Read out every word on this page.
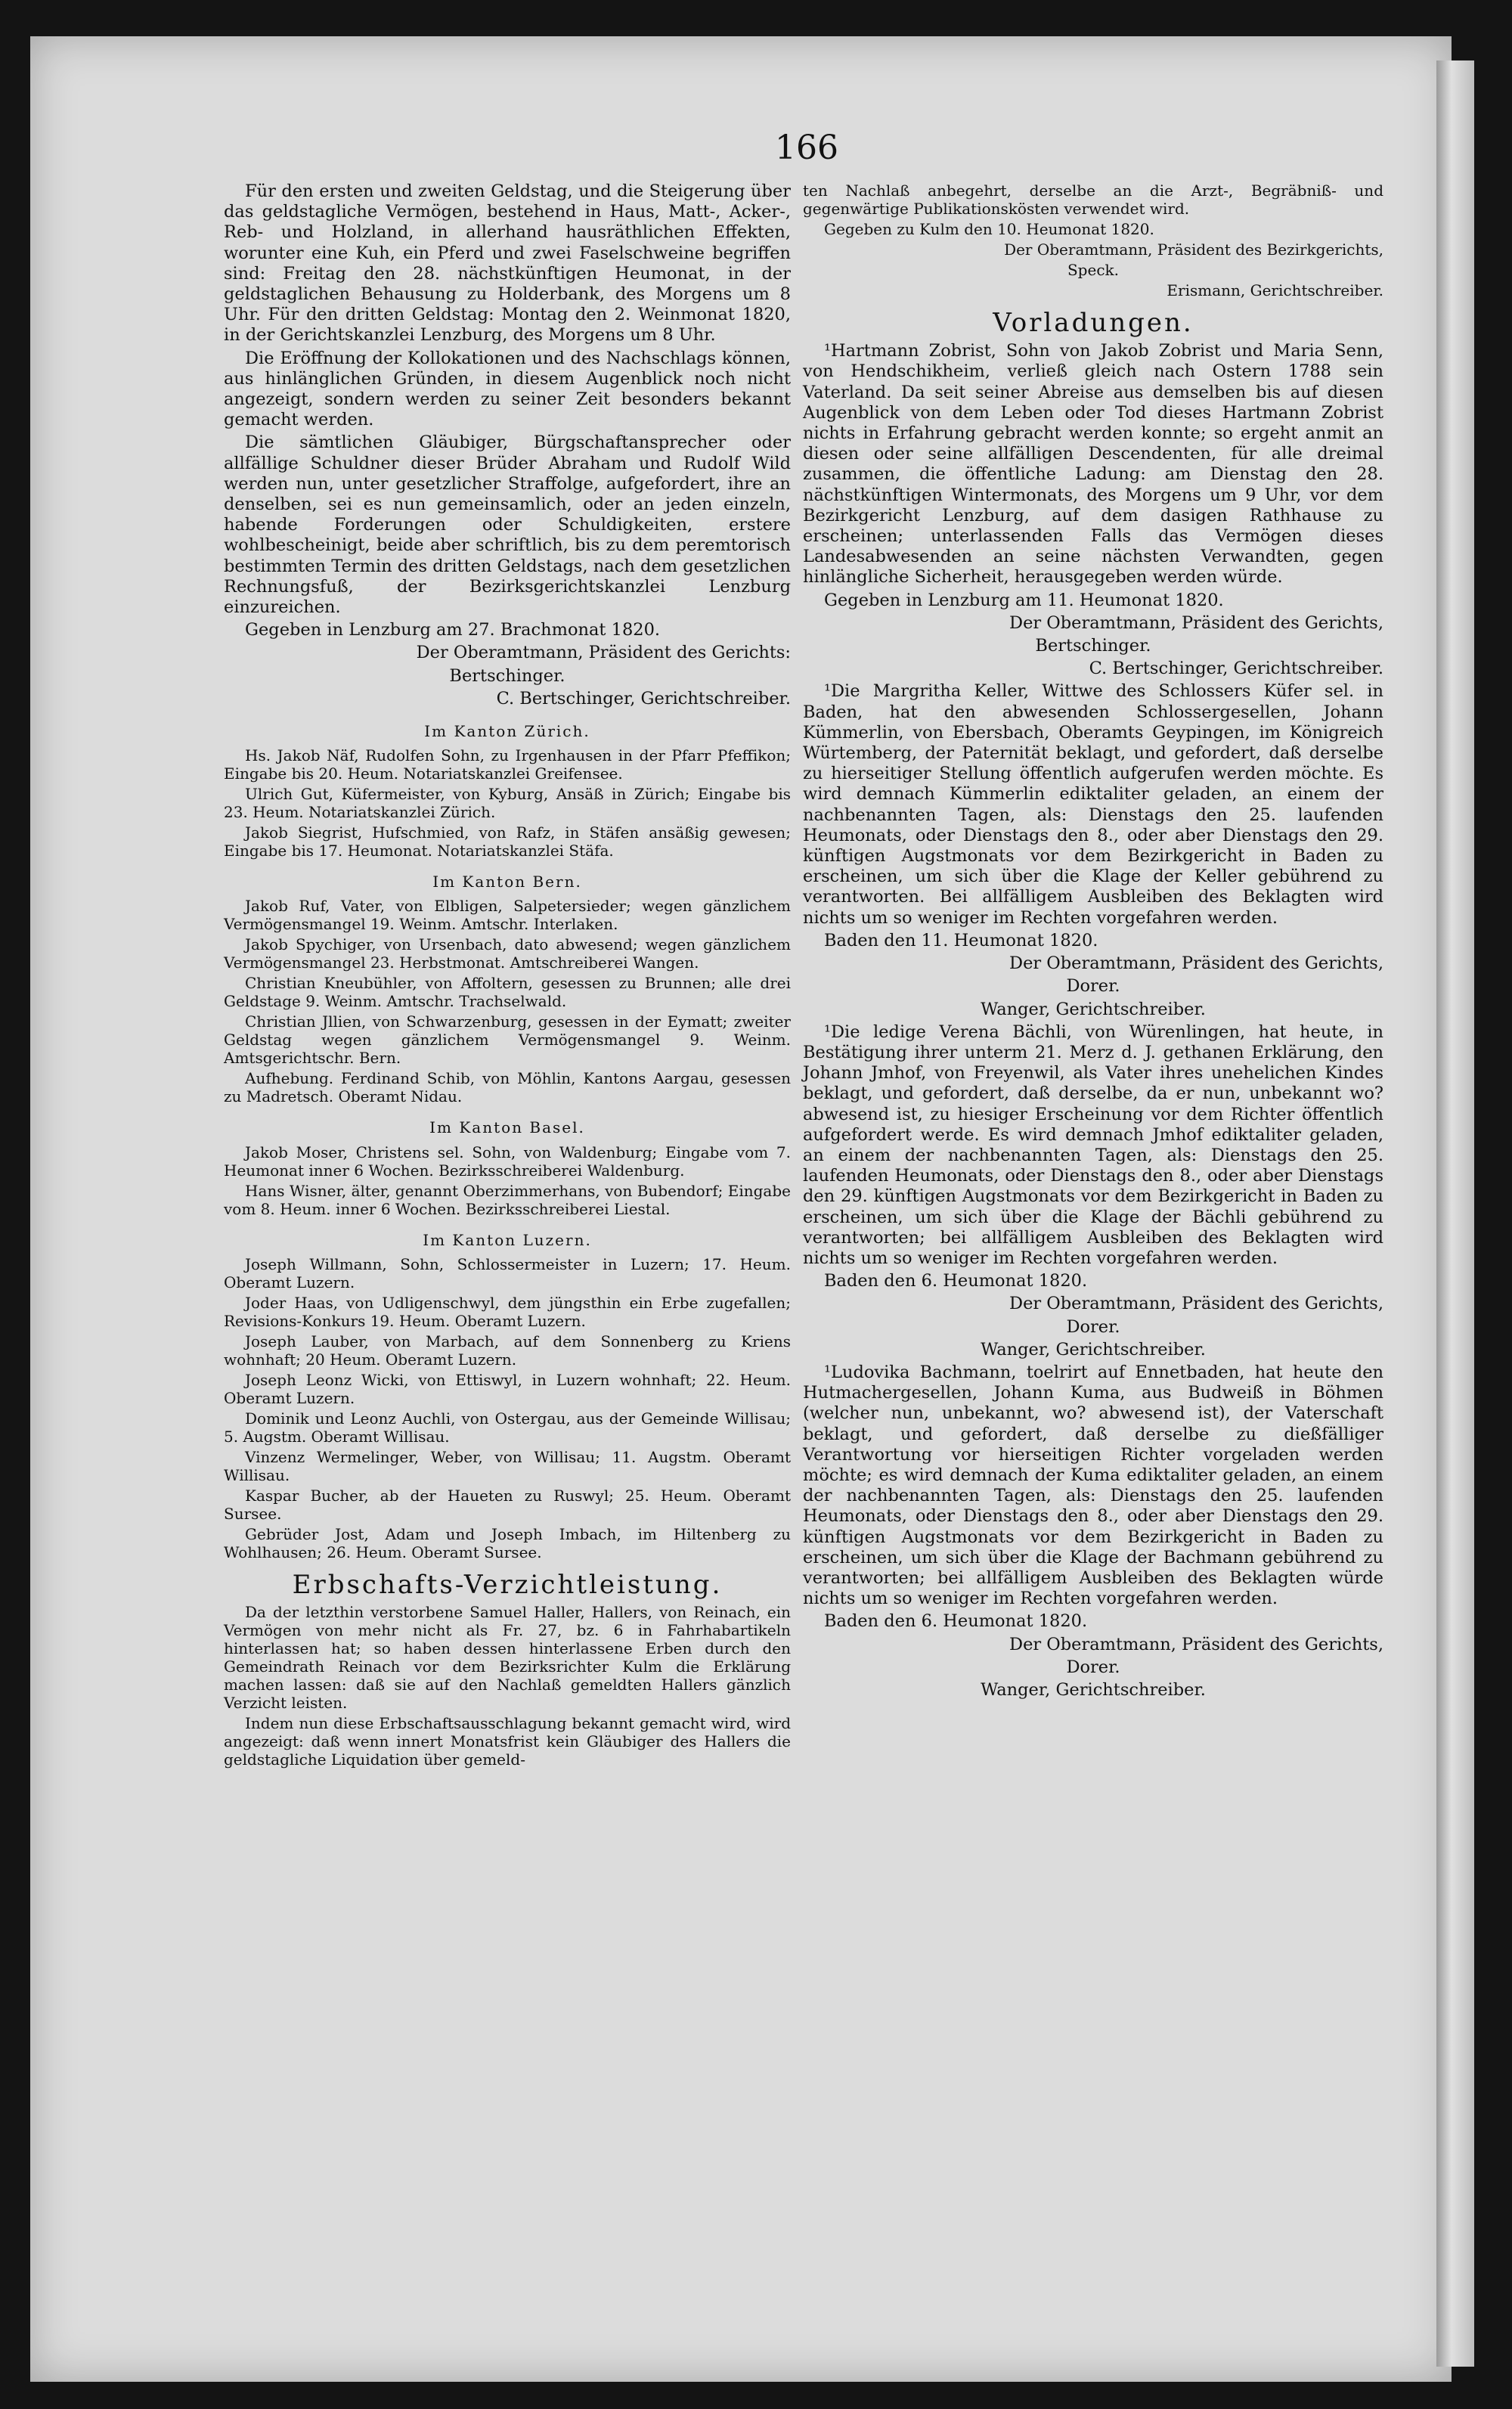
166

Für den ersten und zweiten Geldstag, und die Steigerung über das geldstagliche Vermögen, bestehend in Haus, Matt-, Acker-, Reb- und Holzland, in allerhand hausräthlichen Effekten, worunter eine Kuh, ein Pferd und zwei Faselschweine begriffen sind: Freitag den 28. nächstkünftigen Heumonat, in der geldstaglichen Behausung zu Holderbank, des Morgens um 8 Uhr. Für den dritten Geldstag: Montag den 2. Weinmonat 1820, in der Gerichtskanzlei Lenzburg, des Morgens um 8 Uhr.

Die Eröffnung der Kollokationen und des Nachschlags können, aus hinlänglichen Gründen, in diesem Augenblick noch nicht angezeigt, sondern werden zu seiner Zeit besonders bekannt gemacht werden.

Die sämtlichen Gläubiger, Bürgschaftansprecher oder allfällige Schuldner dieser Brüder Abraham und Rudolf Wild werden nun, unter gesetzlicher Straffolge, aufgefordert, ihre an denselben, sei es nun gemeinsamlich, oder an jeden einzeln, habende Forderungen oder Schuldigkeiten, erstere wohlbescheinigt, beide aber schriftlich, bis zu dem peremtorisch bestimmten Termin des dritten Geldstags, nach dem gesetzlichen Rechnungsfuß, der Bezirksgerichtskanzlei Lenzburg einzureichen.

Gegeben in Lenzburg am 27. Brachmonat 1820.

Der Oberamtmann, Präsident des Gerichts:

Bertschinger.

C. Bertschinger, Gerichtschreiber.

Im Kanton Zürich.

Hs. Jakob Näf, Rudolfen Sohn, zu Irgenhausen in der Pfarr Pfeffikon; Eingabe bis 20. Heum. Notariatskanzlei Greifensee.

Ulrich Gut, Küfermeister, von Kyburg, Ansäß in Zürich; Eingabe bis 23. Heum. Notariatskanzlei Zürich.

Jakob Siegrist, Hufschmied, von Rafz, in Stäfen ansäßig gewesen; Eingabe bis 17. Heumonat. Notariatskanzlei Stäfa.

Im Kanton Bern.

Jakob Ruf, Vater, von Elbligen, Salpetersieder; wegen gänzlichem Vermögensmangel 19. Weinm. Amtschr. Interlaken.

Jakob Spychiger, von Ursenbach, dato abwesend; wegen gänzlichem Vermögensmangel 23. Herbstmonat. Amtschreiberei Wangen.

Christian Kneubühler, von Affoltern, gesessen zu Brunnen; alle drei Geldstage 9. Weinm. Amtschr. Trachselwald.

Christian Jllien, von Schwarzenburg, gesessen in der Eymatt; zweiter Geldstag wegen gänzlichem Vermögensmangel 9. Weinm. Amtsgerichtschr. Bern.

Aufhebung. Ferdinand Schib, von Möhlin, Kantons Aargau, gesessen zu Madretsch. Oberamt Nidau.

Im Kanton Basel.

Jakob Moser, Christens sel. Sohn, von Waldenburg; Eingabe vom 7. Heumonat inner 6 Wochen. Bezirksschreiberei Waldenburg.

Hans Wisner, älter, genannt Oberzimmerhans, von Bubendorf; Eingabe vom 8. Heum. inner 6 Wochen. Bezirksschreiberei Liestal.

Im Kanton Luzern.

Joseph Willmann, Sohn, Schlossermeister in Luzern; 17. Heum. Oberamt Luzern.

Joder Haas, von Udligenschwyl, dem jüngsthin ein Erbe zugefallen; Revisions-Konkurs 19. Heum. Oberamt Luzern.

Joseph Lauber, von Marbach, auf dem Sonnenberg zu Kriens wohnhaft; 20 Heum. Oberamt Luzern.

Joseph Leonz Wicki, von Ettiswyl, in Luzern wohnhaft; 22. Heum. Oberamt Luzern.

Dominik und Leonz Auchli, von Ostergau, aus der Gemeinde Willisau; 5. Augstm. Oberamt Willisau.

Vinzenz Wermelinger, Weber, von Willisau; 11. Augstm. Oberamt Willisau.

Kaspar Bucher, ab der Haueten zu Ruswyl; 25. Heum. Oberamt Sursee.

Gebrüder Jost, Adam und Joseph Imbach, im Hiltenberg zu Wohlhausen; 26. Heum. Oberamt Sursee.

Erbschafts-Verzichtleistung.

Da der letzthin verstorbene Samuel Haller, Hallers, von Reinach, ein Vermögen von mehr nicht als Fr. 27, bz. 6 in Fahrhabartikeln hinterlassen hat; so haben dessen hinterlassene Erben durch den Gemeindrath Reinach vor dem Bezirksrichter Kulm die Erklärung machen lassen: daß sie auf den Nachlaß gemeldten Hallers gänzlich Verzicht leisten.

Indem nun diese Erbschaftsausschlagung bekannt gemacht wird, wird angezeigt: daß wenn innert Monatsfrist kein Gläubiger des Hallers die geldstagliche Liquidation über gemeld-

ten Nachlaß anbegehrt, derselbe an die Arzt-, Begräbniß- und gegenwärtige Publikationskösten verwendet wird.

Gegeben zu Kulm den 10. Heumonat 1820.

Der Oberamtmann, Präsident des Bezirkgerichts,

Speck.

Erismann, Gerichtschreiber.

Vorladungen.

¹Hartmann Zobrist, Sohn von Jakob Zobrist und Maria Senn, von Hendschikheim, verließ gleich nach Ostern 1788 sein Vaterland. Da seit seiner Abreise aus demselben bis auf diesen Augenblick von dem Leben oder Tod dieses Hartmann Zobrist nichts in Erfahrung gebracht werden konnte; so ergeht anmit an diesen oder seine allfälligen Descendenten, für alle dreimal zusammen, die öffentliche Ladung: am Dienstag den 28. nächstkünftigen Wintermonats, des Morgens um 9 Uhr, vor dem Bezirkgericht Lenzburg, auf dem dasigen Rathhause zu erscheinen; unterlassenden Falls das Vermögen dieses Landesabwesenden an seine nächsten Verwandten, gegen hinlängliche Sicherheit, herausgegeben werden würde.

Gegeben in Lenzburg am 11. Heumonat 1820.

Der Oberamtmann, Präsident des Gerichts,

Bertschinger.

C. Bertschinger, Gerichtschreiber.

¹Die Margritha Keller, Wittwe des Schlossers Küfer sel. in Baden, hat den abwesenden Schlossergesellen, Johann Kümmerlin, von Ebersbach, Oberamts Geypingen, im Königreich Würtemberg, der Paternität beklagt, und gefordert, daß derselbe zu hierseitiger Stellung öffentlich aufgerufen werden möchte. Es wird demnach Kümmerlin ediktaliter geladen, an einem der nachbenannten Tagen, als: Dienstags den 25. laufenden Heumonats, oder Dienstags den 8., oder aber Dienstags den 29. künftigen Augstmonats vor dem Bezirkgericht in Baden zu erscheinen, um sich über die Klage der Keller gebührend zu verantworten. Bei allfälligem Ausbleiben des Beklagten wird nichts um so weniger im Rechten vorgefahren werden.

Baden den 11. Heumonat 1820.

Der Oberamtmann, Präsident des Gerichts,

Dorer.

Wanger, Gerichtschreiber.

¹Die ledige Verena Bächli, von Würenlingen, hat heute, in Bestätigung ihrer unterm 21. Merz d. J. gethanen Erklärung, den Johann Jmhof, von Freyenwil, als Vater ihres unehelichen Kindes beklagt, und gefordert, daß derselbe, da er nun, unbekannt wo? abwesend ist, zu hiesiger Erscheinung vor dem Richter öffentlich aufgefordert werde. Es wird demnach Jmhof ediktaliter geladen, an einem der nachbenannten Tagen, als: Dienstags den 25. laufenden Heumonats, oder Dienstags den 8., oder aber Dienstags den 29. künftigen Augstmonats vor dem Bezirkgericht in Baden zu erscheinen, um sich über die Klage der Bächli gebührend zu verantworten; bei allfälligem Ausbleiben des Beklagten wird nichts um so weniger im Rechten vorgefahren werden.

Baden den 6. Heumonat 1820.

Der Oberamtmann, Präsident des Gerichts,

Dorer.

Wanger, Gerichtschreiber.

¹Ludovika Bachmann, toelrirt auf Ennetbaden, hat heute den Hutmachergesellen, Johann Kuma, aus Budweiß in Böhmen (welcher nun, unbekannt, wo? abwesend ist), der Vaterschaft beklagt, und gefordert, daß derselbe zu dießfälliger Verantwortung vor hierseitigen Richter vorgeladen werden möchte; es wird demnach der Kuma ediktaliter geladen, an einem der nachbenannten Tagen, als: Dienstags den 25. laufenden Heumonats, oder Dienstags den 8., oder aber Dienstags den 29. künftigen Augstmonats vor dem Bezirkgericht in Baden zu erscheinen, um sich über die Klage der Bachmann gebührend zu verantworten; bei allfälligem Ausbleiben des Beklagten würde nichts um so weniger im Rechten vorgefahren werden.

Baden den 6. Heumonat 1820.

Der Oberamtmann, Präsident des Gerichts,

Dorer.

Wanger, Gerichtschreiber.
